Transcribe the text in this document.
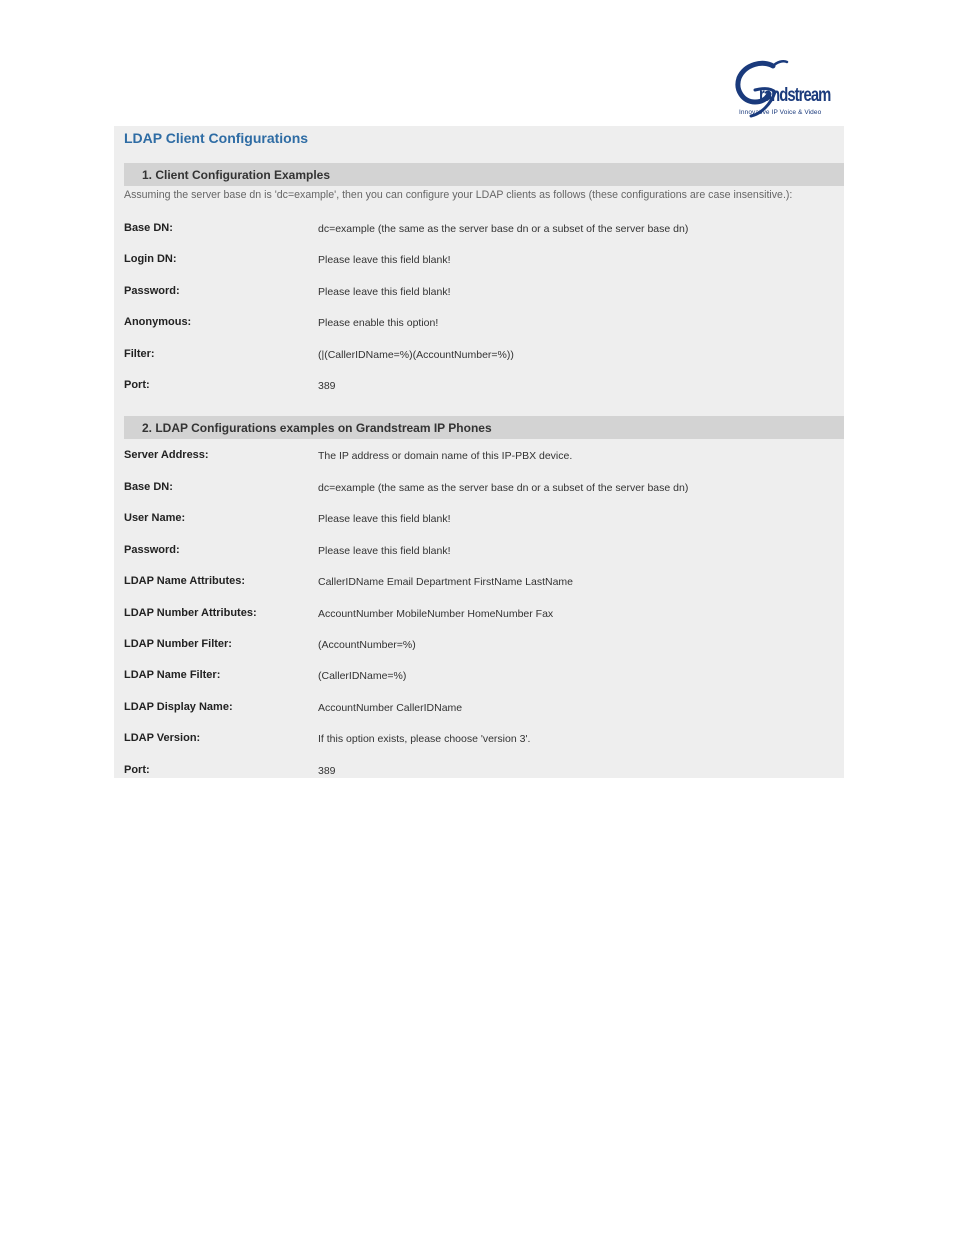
randstream
Innovative IP Voice & Video
LDAP Client Configurations
1. Client Configuration Examples
Assuming the server base dn is 'dc=example', then you can configure your LDAP clients as follows (these configurations are case insensitive.):
Base DN:	dc=example (the same as the server base dn or a subset of the server base dn)
Login DN:	Please leave this field blank!
Password:	Please leave this field blank!
Anonymous:	Please enable this option!
Filter:	(|(CallerIDName=%)(AccountNumber=%))
Port:	389
2. LDAP Configurations examples on Grandstream IP Phones
Server Address:	The IP address or domain name of this IP-PBX device.
Base DN:	dc=example (the same as the server base dn or a subset of the server base dn)
User Name:	Please leave this field blank!
Password:	Please leave this field blank!
LDAP Name Attributes:	CallerIDName Email Department FirstName LastName
LDAP Number Attributes:	AccountNumber MobileNumber HomeNumber Fax
LDAP Number Filter:	(AccountNumber=%)
LDAP Name Filter:	(CallerIDName=%)
LDAP Display Name:	AccountNumber CallerIDName
LDAP Version:	If this option exists, please choose 'version 3'.
Port:	389
